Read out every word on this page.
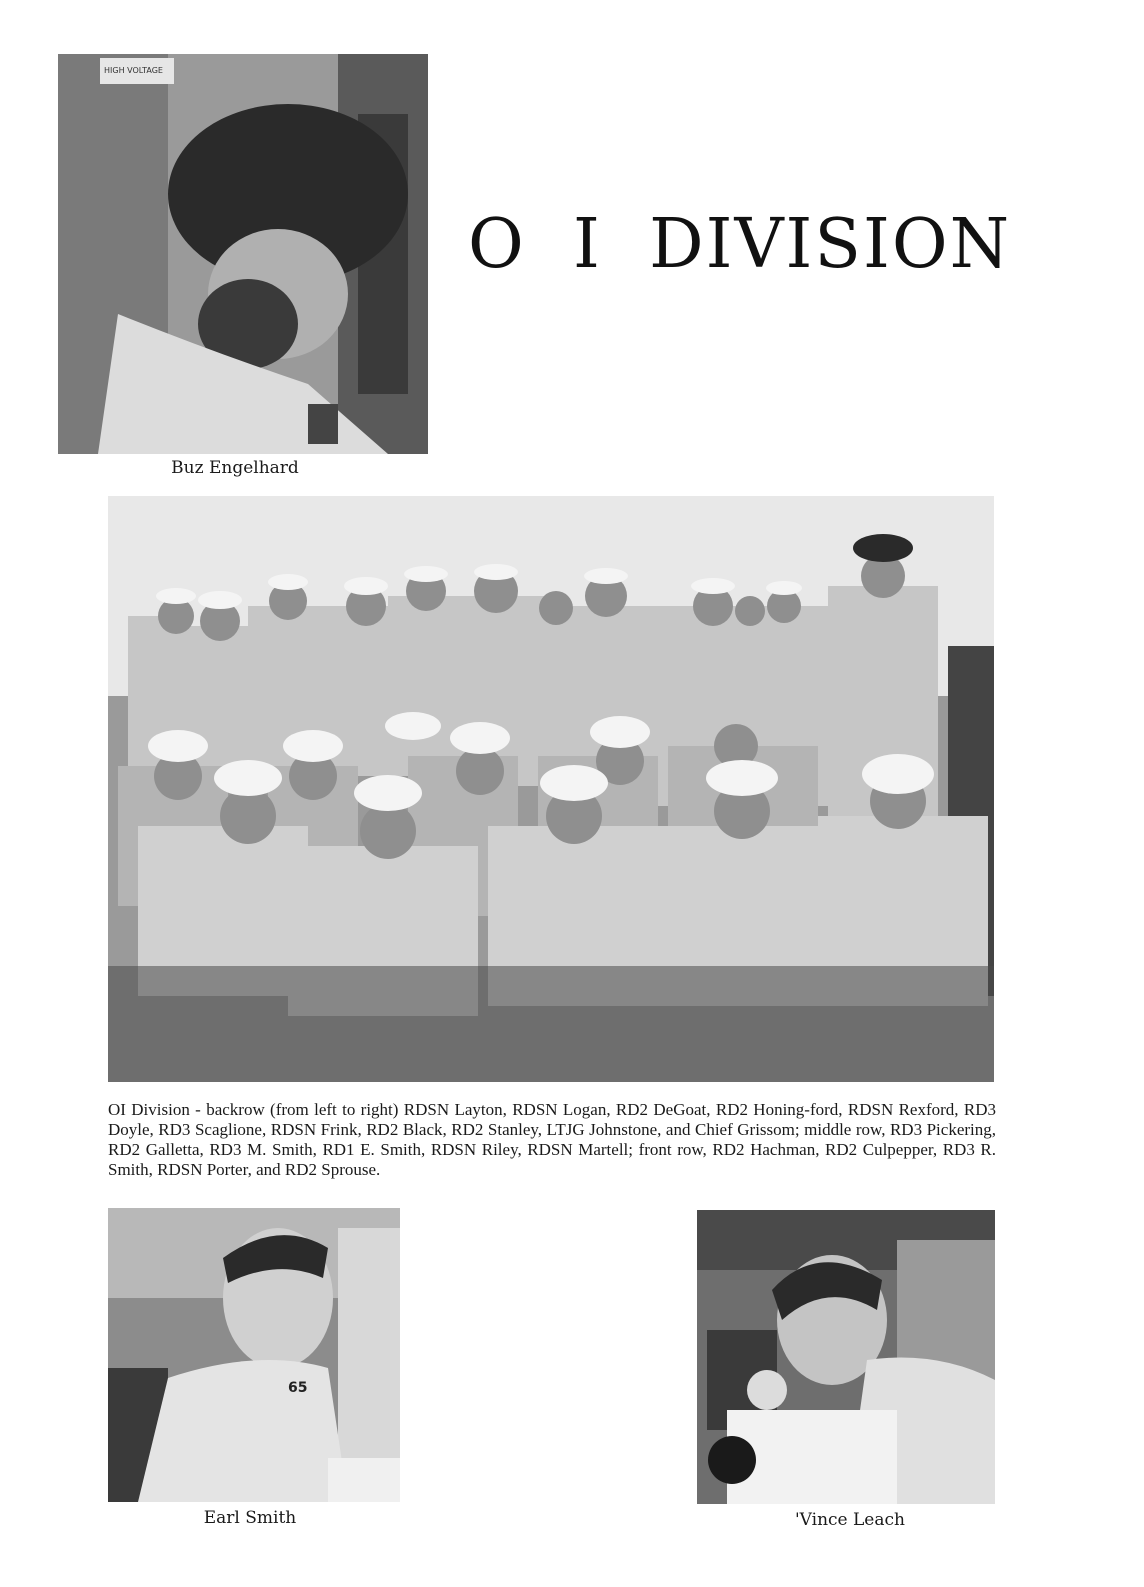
O  I  DIVISION
HIGH VOLTAGE
Buz Engelhard
OI Division - backrow (from left to right) RDSN Layton, RDSN Logan, RD2 DeGoat, RD2 Honing-ford, RDSN Rexford, RD3 Doyle, RD3 Scaglione, RDSN Frink, RD2 Black, RD2 Stanley, LTJG Johnstone, and Chief Grissom; middle row, RD3 Pickering, RD2 Galletta, RD3 M. Smith, RD1 E. Smith, RDSN Riley, RDSN Martell; front row, RD2 Hachman, RD2 Culpepper, RD3 R. Smith, RDSN Porter, and RD2 Sprouse.
65
Earl Smith	'Vince Leach
